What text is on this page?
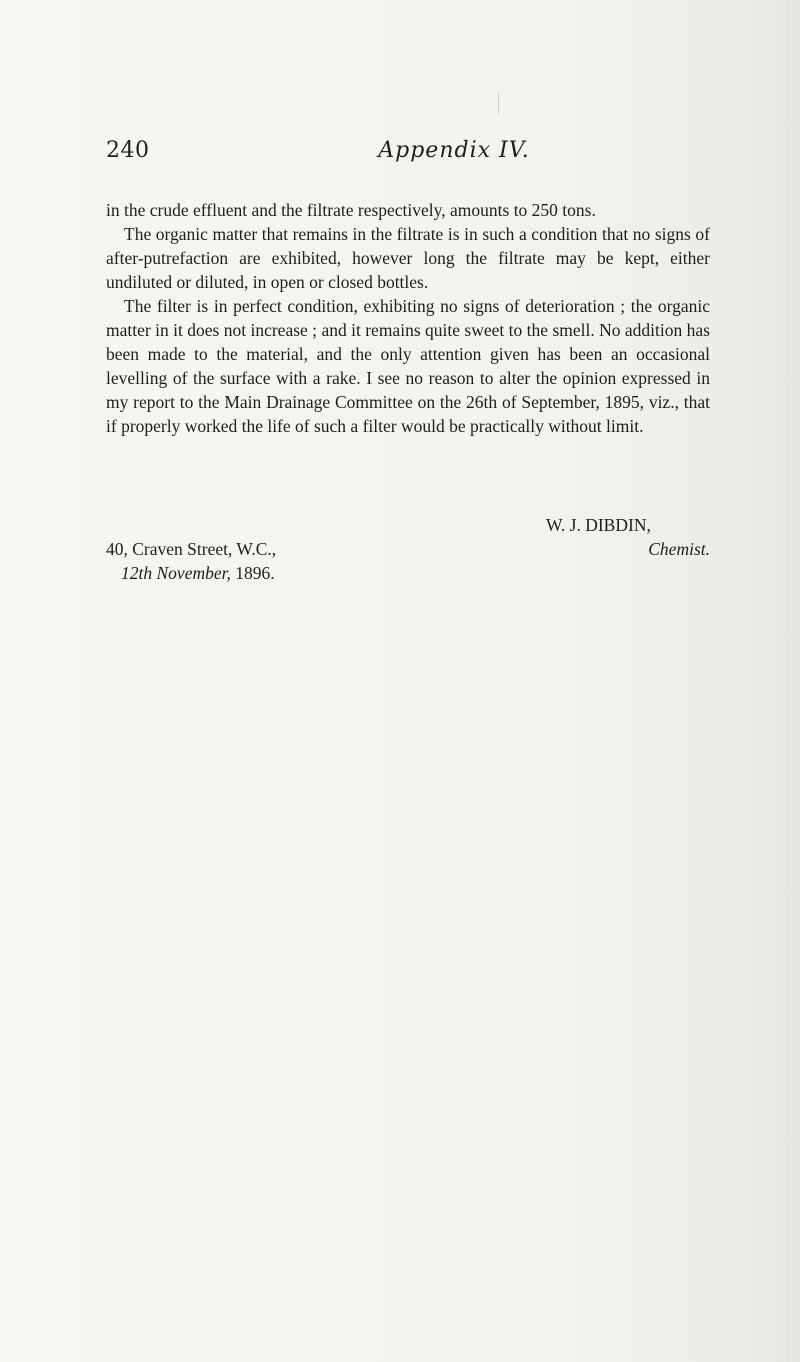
240	Appendix IV.

in the crude effluent and the filtrate respectively, amounts to 250 tons.

The organic matter that remains in the filtrate is in such a condition that no signs of after-putrefaction are exhibited, however long the filtrate may be kept, either undiluted or diluted, in open or closed bottles.

The filter is in perfect condition, exhibiting no signs of deterioration ; the organic matter in it does not increase ; and it remains quite sweet to the smell. No addition has been made to the material, and the only attention given has been an occasional levelling of the surface with a rake. I see no reason to alter the opinion expressed in my report to the Main Drainage Committee on the 26th of September, 1895, viz., that if properly worked the life of such a filter would be practically without limit.

W. J. DIBDIN,
Chemist.
40, Craven Street, W.C.,
12th November, 1896.
